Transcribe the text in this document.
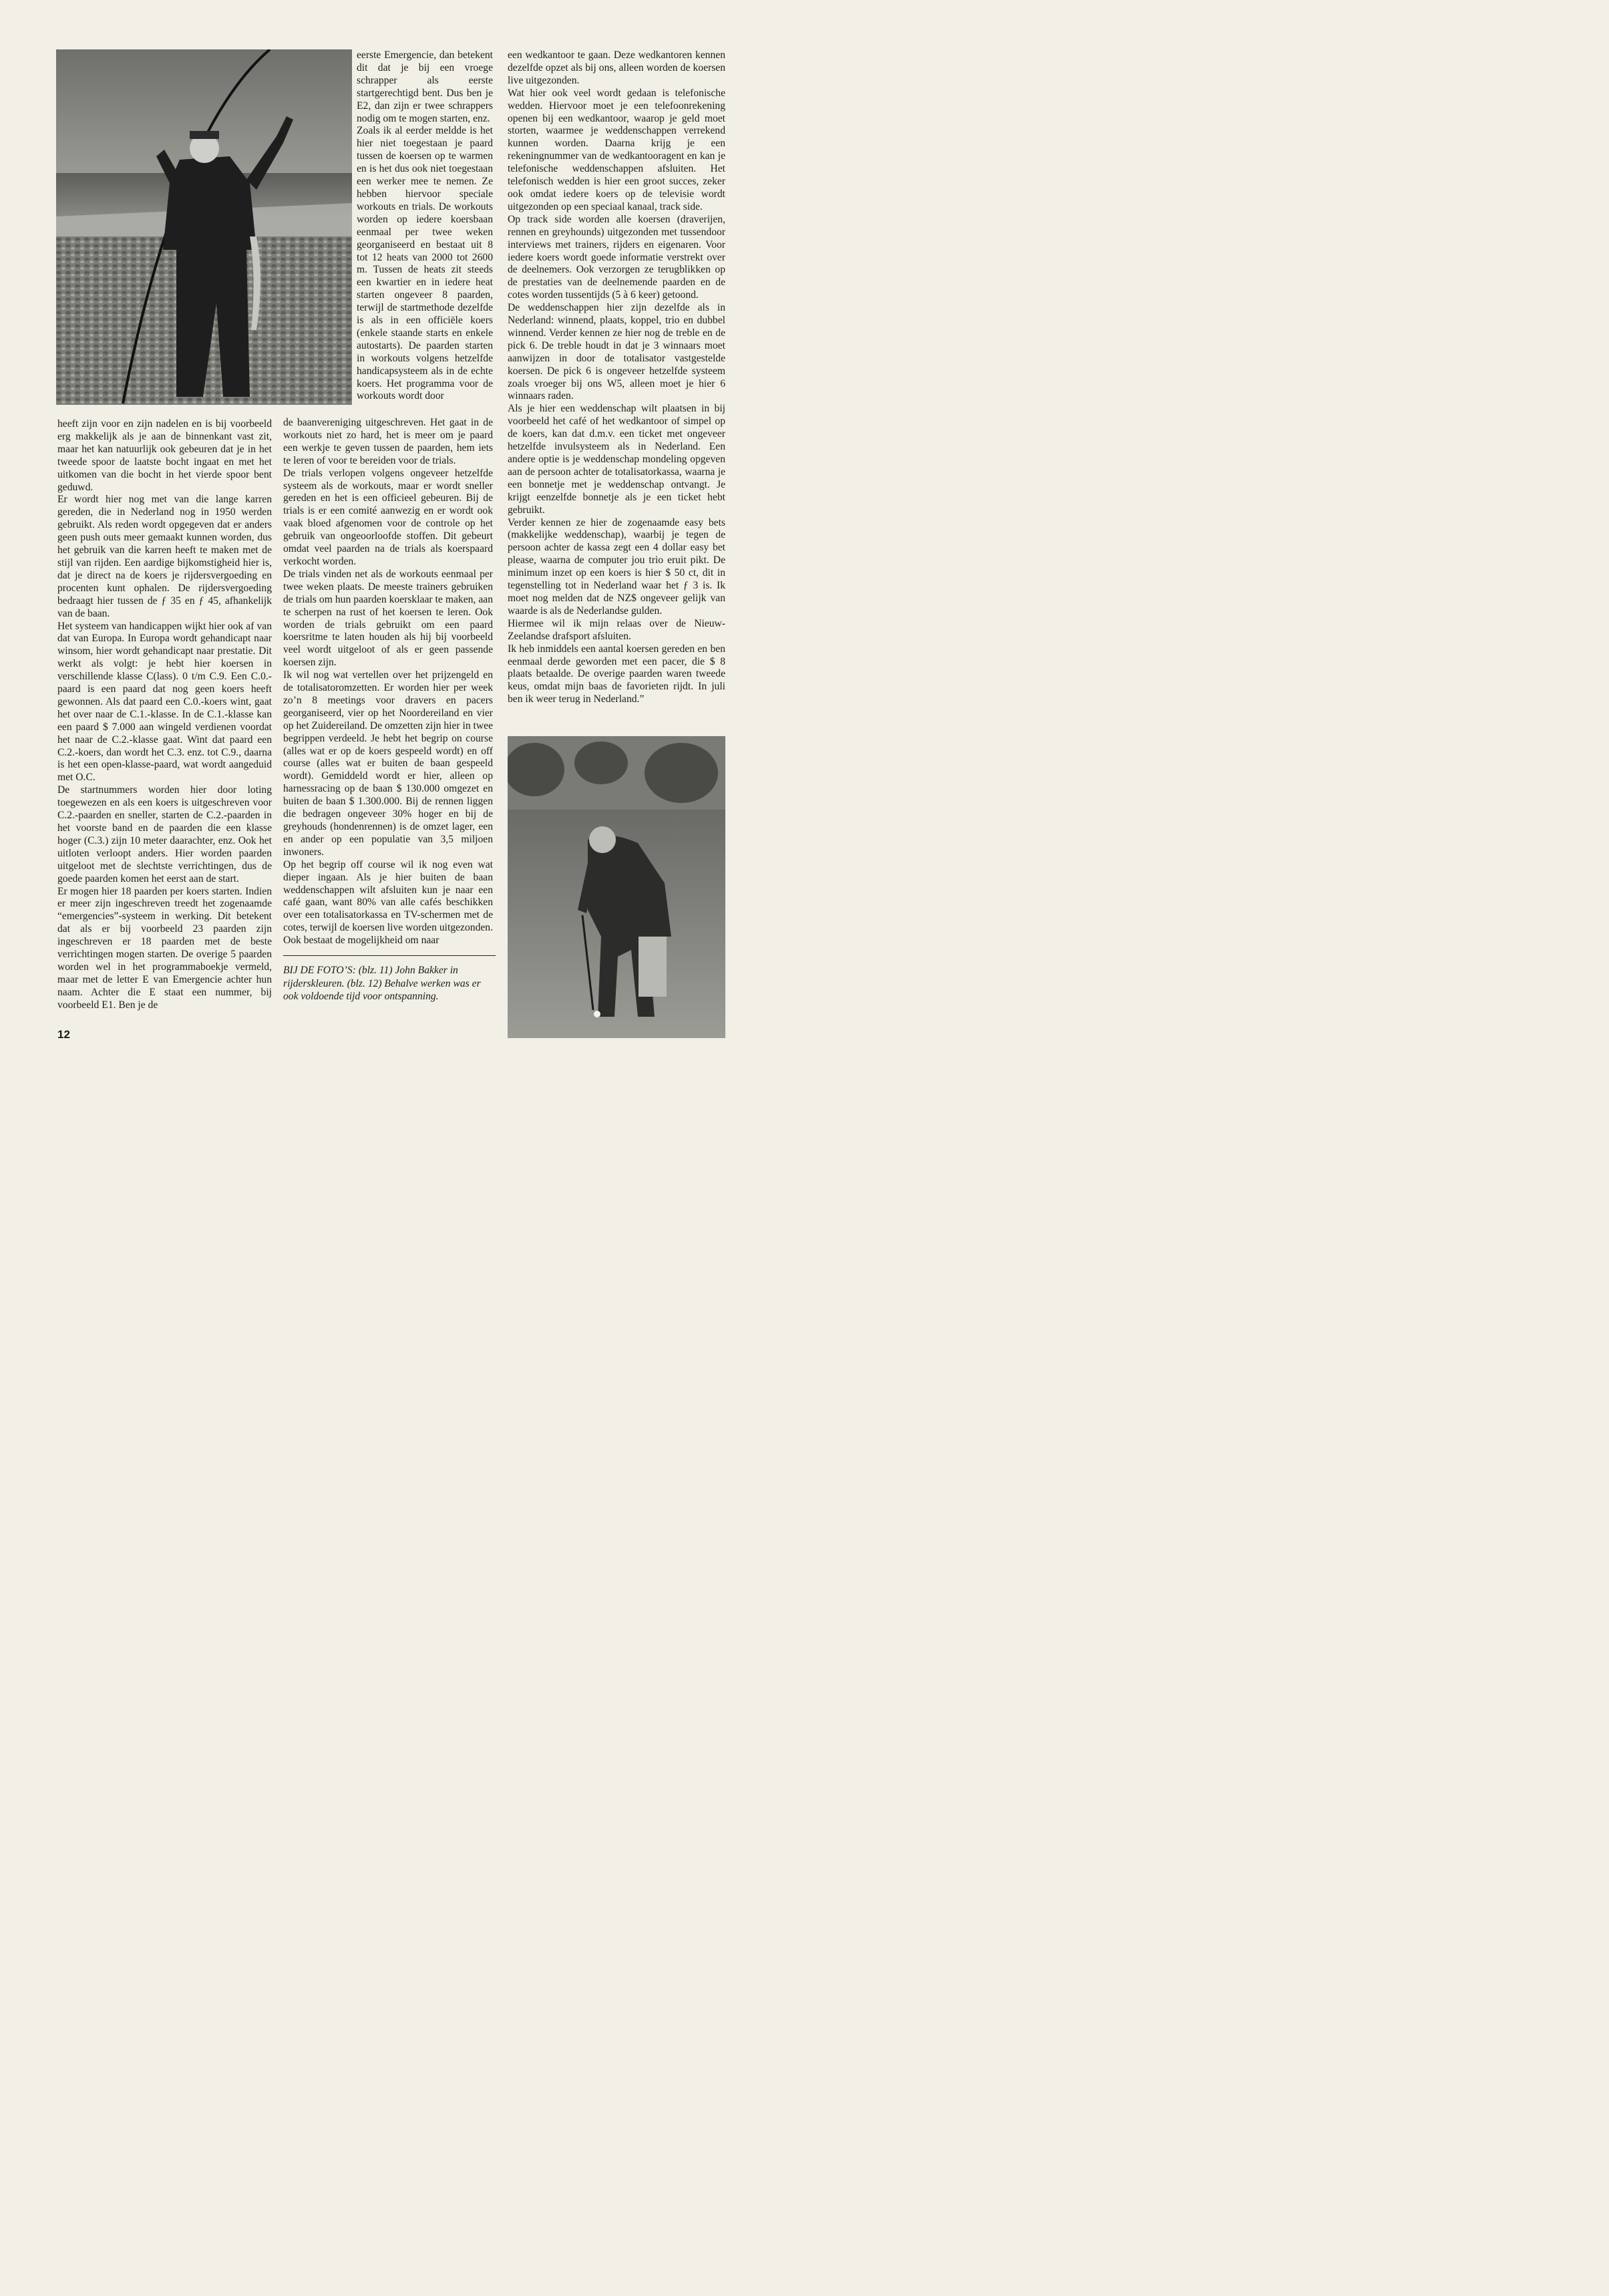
heeft zijn voor en zijn nadelen en is bij voorbeeld erg makkelijk als je aan de binnenkant vast zit, maar het kan natuurlijk ook gebeuren dat je in het tweede spoor de laatste bocht ingaat en met het uitkomen van die bocht in het vierde spoor bent geduwd.

Er wordt hier nog met van die lange karren gereden, die in Nederland nog in 1950 werden gebruikt. Als reden wordt opgegeven dat er anders geen push outs meer gemaakt kunnen worden, dus het gebruik van die karren heeft te maken met de stijl van rijden. Een aardige bijkomstigheid hier is, dat je direct na de koers je rijdersvergoeding en procenten kunt ophalen. De rijdersvergoeding bedraagt hier tussen de ƒ 35 en ƒ 45, afhankelijk van de baan.

Het systeem van handicappen wijkt hier ook af van dat van Europa. In Europa wordt gehandicapt naar winsom, hier wordt gehandicapt naar prestatie. Dit werkt als volgt: je hebt hier koersen in verschillende klasse C(lass). 0 t/m C.9. Een C.0.-paard is een paard dat nog geen koers heeft gewonnen. Als dat paard een C.0.-koers wint, gaat het over naar de C.1.-klasse. In de C.1.-klasse kan een paard $ 7.000 aan wingeld verdienen voordat het naar de C.2.-klasse gaat. Wint dat paard een C.2.-koers, dan wordt het C.3. enz. tot C.9., daarna is het een open-klasse-paard, wat wordt aangeduid met O.C.

De startnummers worden hier door loting toegewezen en als een koers is uitgeschreven voor C.2.-paarden en sneller, starten de C.2.-paarden in het voorste band en de paarden die een klasse hoger (C.3.) zijn 10 meter daarachter, enz. Ook het uitloten verloopt anders. Hier worden paarden uitgeloot met de slechtste verrichtingen, dus de goede paarden komen het eerst aan de start.

Er mogen hier 18 paarden per koers starten. Indien er meer zijn ingeschreven treedt het zogenaamde “emergencies”-systeem in werking. Dit betekent dat als er bij voorbeeld 23 paarden zijn ingeschreven er 18 paarden met de beste verrichtingen mogen starten. De overige 5 paarden worden wel in het programmaboekje vermeld, maar met de letter E van Emergencie achter hun naam. Achter die E staat een nummer, bij voorbeeld E1. Ben je de

eerste Emergencie, dan betekent dit dat je bij een vroege schrapper als eerste startgerechtigd bent. Dus ben je E2, dan zijn er twee schrappers nodig om te mogen starten, enz.

Zoals ik al eerder meldde is het hier niet toegestaan je paard tussen de koersen op te warmen en is het dus ook niet toegestaan een werker mee te nemen. Ze hebben hiervoor speciale workouts en trials. De workouts worden op iedere koersbaan eenmaal per twee weken georganiseerd en bestaat uit 8 tot 12 heats van 2000 tot 2600 m. Tussen de heats zit steeds een kwartier en in iedere heat starten ongeveer 8 paarden, terwijl de startmethode dezelfde is als in een officiële koers (enkele staande starts en enkele autostarts). De paarden starten in workouts volgens hetzelfde handicapsysteem als in de echte koers. Het programma voor de workouts wordt door

de baanvereniging uitgeschreven. Het gaat in de workouts niet zo hard, het is meer om je paard een werkje te geven tussen de paarden, hem iets te leren of voor te bereiden voor de trials.

De trials verlopen volgens ongeveer hetzelfde systeem als de workouts, maar er wordt sneller gereden en het is een officieel gebeuren. Bij de trials is er een comité aanwezig en er wordt ook vaak bloed afgenomen voor de controle op het gebruik van ongeoorloofde stoffen. Dit gebeurt omdat veel paarden na de trials als koerspaard verkocht worden.

De trials vinden net als de workouts eenmaal per twee weken plaats. De meeste trainers gebruiken de trials om hun paarden koersklaar te maken, aan te scherpen na rust of het koersen te leren. Ook worden de trials gebruikt om een paard koersritme te laten houden als hij bij voorbeeld veel wordt uitgeloot of als er geen passende koersen zijn.

Ik wil nog wat vertellen over het prijzengeld en de totalisatoromzetten. Er worden hier per week zo’n 8 meetings voor dravers en pacers georganiseerd, vier op het Noordereiland en vier op het Zuidereiland. De omzetten zijn hier in twee begrippen verdeeld. Je hebt het begrip on course (alles wat er op de koers gespeeld wordt) en off course (alles wat er buiten de baan gespeeld wordt). Gemiddeld wordt er hier, alleen op harnessracing op de baan $ 130.000 omgezet en buiten de baan $ 1.300.000. Bij de rennen liggen die bedragen ongeveer 30% hoger en bij de greyhouds (hondenrennen) is de omzet lager, een en ander op een populatie van 3,5 miljoen inwoners.

Op het begrip off course wil ik nog even wat dieper ingaan. Als je hier buiten de baan weddenschappen wilt afsluiten kun je naar een café gaan, want 80% van alle cafés beschikken over een totalisatorkassa en TV-schermen met de cotes, terwijl de koersen live worden uitgezonden. Ook bestaat de mogelijkheid om naar

BIJ DE FOTO’S: (blz. 11) John Bakker in rijderskleuren. (blz. 12) Behalve werken was er ook voldoende tijd voor ontspanning.

een wedkantoor te gaan. Deze wedkantoren kennen dezelfde opzet als bij ons, alleen worden de koersen live uitgezonden.

Wat hier ook veel wordt gedaan is telefonische wedden. Hiervoor moet je een telefoonrekening openen bij een wedkantoor, waarop je geld moet storten, waarmee je weddenschappen verrekend kunnen worden. Daarna krijg je een rekeningnummer van de wedkantooragent en kan je telefonische weddenschappen afsluiten. Het telefonisch wedden is hier een groot succes, zeker ook omdat iedere koers op de televisie wordt uitgezonden op een speciaal kanaal, track side.

Op track side worden alle koersen (draverijen, rennen en greyhounds) uitgezonden met tussendoor interviews met trainers, rijders en eigenaren. Voor iedere koers wordt goede informatie verstrekt over de deelnemers. Ook verzorgen ze terugblikken op de prestaties van de deelnemende paarden en de cotes worden tussentijds (5 à 6 keer) getoond.

De weddenschappen hier zijn dezelfde als in Nederland: winnend, plaats, koppel, trio en dubbel winnend. Verder kennen ze hier nog de treble en de pick 6. De treble houdt in dat je 3 winnaars moet aanwijzen in door de totalisator vastgestelde koersen. De pick 6 is ongeveer hetzelfde systeem zoals vroeger bij ons W5, alleen moet je hier 6 winnaars raden.

Als je hier een weddenschap wilt plaatsen in bij voorbeeld het café of het wedkantoor of simpel op de koers, kan dat d.m.v. een ticket met ongeveer hetzelfde invulsysteem als in Nederland. Een andere optie is je weddenschap mondeling opgeven aan de persoon achter de totalisatorkassa, waarna je een bonnetje met je weddenschap ontvangt. Je krijgt eenzelfde bonnetje als je een ticket hebt gebruikt.

Verder kennen ze hier de zogenaamde easy bets (makkelijke weddenschap), waarbij je tegen de persoon achter de kassa zegt een 4 dollar easy bet please, waarna de computer jou trio eruit pikt. De minimum inzet op een koers is hier $ 50 ct, dit in tegenstelling tot in Nederland waar het ƒ 3 is. Ik moet nog melden dat de NZ$ ongeveer gelijk van waarde is als de Nederlandse gulden.

Hiermee wil ik mijn relaas over de Nieuw-Zeelandse drafsport afsluiten.

Ik heb inmiddels een aantal koersen gereden en ben eenmaal derde geworden met een pacer, die $ 8 plaats betaalde. De overige paarden waren tweede keus, omdat mijn baas de favorieten rijdt. In juli ben ik weer terug in Nederland.”

12
